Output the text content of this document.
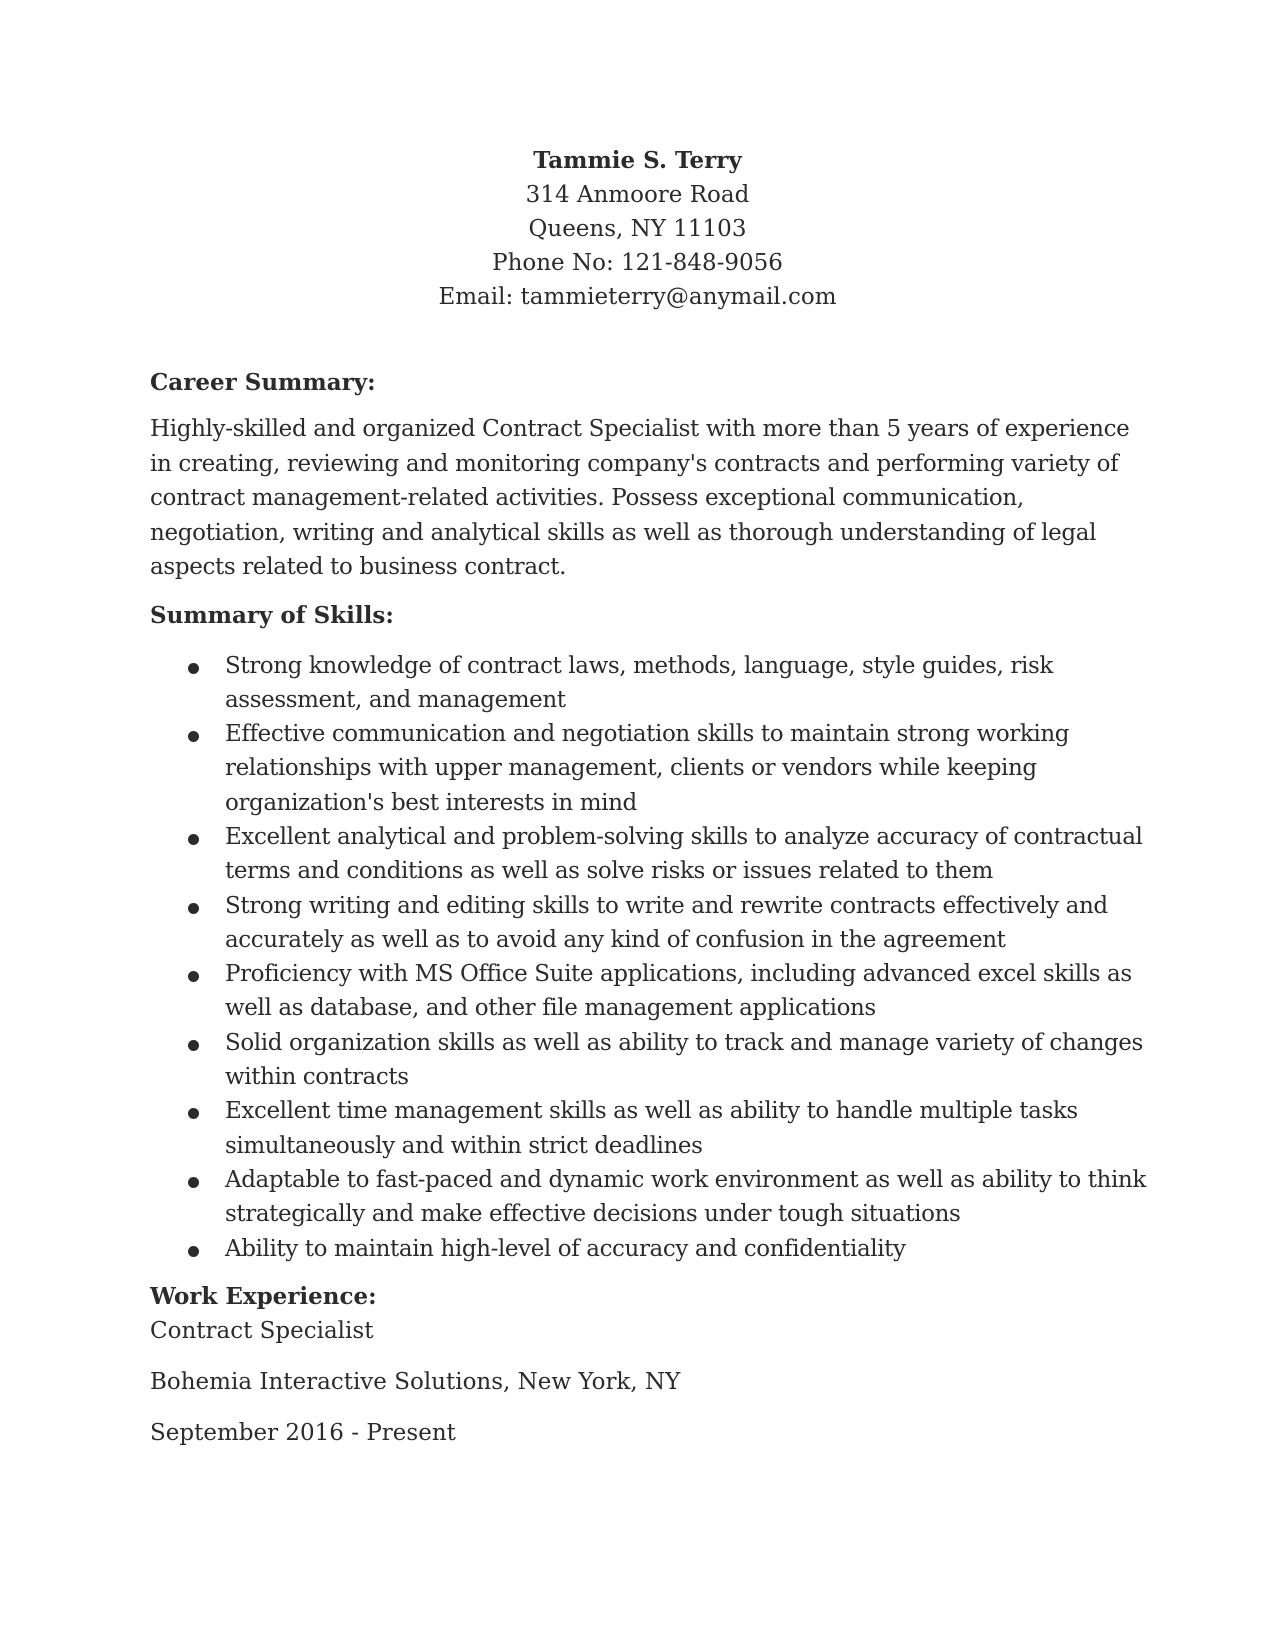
Tammie S. Terry
314 Anmoore Road
Queens, NY 11103
Phone No: 121-848-9056
Email: tammieterry@anymail.com
Career Summary:

Highly-skilled and organized Contract Specialist with more than 5 years of experience in creating, reviewing and monitoring company's contracts and performing variety of contract management-related activities. Possess exceptional communication, negotiation, writing and analytical skills as well as thorough understanding of legal aspects related to business contract.

Summary of Skills:
Strong knowledge of contract laws, methods, language, style guides, risk assessment, and management
Effective communication and negotiation skills to maintain strong working relationships with upper management, clients or vendors while keeping organization's best interests in mind
Excellent analytical and problem-solving skills to analyze accuracy of contractual terms and conditions as well as solve risks or issues related to them
Strong writing and editing skills to write and rewrite contracts effectively and accurately as well as to avoid any kind of confusion in the agreement
Proficiency with MS Office Suite applications, including advanced excel skills as well as database, and other file management applications
Solid organization skills as well as ability to track and manage variety of changes within contracts
Excellent time management skills as well as ability to handle multiple tasks simultaneously and within strict deadlines
Adaptable to fast-paced and dynamic work environment as well as ability to think strategically and make effective decisions under tough situations
Ability to maintain high-level of accuracy and confidentiality
Work Experience:

Contract Specialist

Bohemia Interactive Solutions, New York, NY

September 2016 - Present
